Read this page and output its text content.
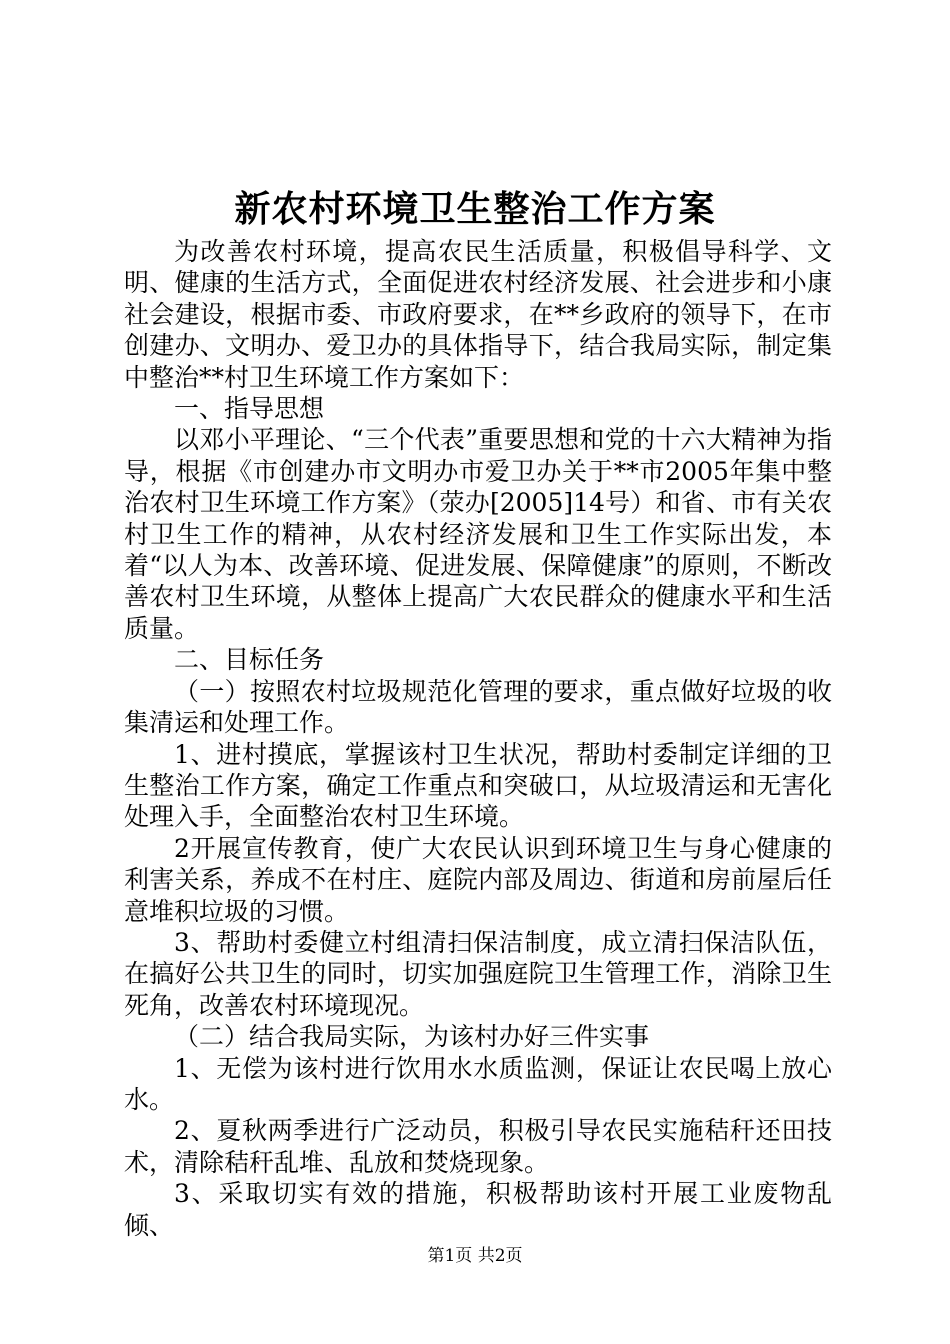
新农村环境卫生整治工作方案

为改善农村环境，提高农民生活质量，积极倡导科学、文明、健康的生活方式，全面促进农村经济发展、社会进步和小康社会建设，根据市委、市政府要求，在**乡政府的领导下，在市创建办、文明办、爱卫办的具体指导下，结合我局实际，制定集中整治**村卫生环境工作方案如下：

一、指导思想

以邓小平理论、“三个代表”重要思想和党的十六大精神为指导，根据《市创建办市文明办市爱卫办关于**市2005年集中整治农村卫生环境工作方案》（荥办[2005]14号）和省、市有关农村卫生工作的精神，从农村经济发展和卫生工作实际出发，本着“以人为本、改善环境、促进发展、保障健康”的原则，不断改善农村卫生环境，从整体上提高广大农民群众的健康水平和生活质量。

二、目标任务

（一）按照农村垃圾规范化管理的要求，重点做好垃圾的收集清运和处理工作。

1、进村摸底，掌握该村卫生状况，帮助村委制定详细的卫生整治工作方案，确定工作重点和突破口，从垃圾清运和无害化处理入手，全面整治农村卫生环境。

2开展宣传教育，使广大农民认识到环境卫生与身心健康的利害关系，养成不在村庄、庭院内部及周边、街道和房前屋后任意堆积垃圾的习惯。

3、帮助村委健立村组清扫保洁制度，成立清扫保洁队伍，在搞好公共卫生的同时，切实加强庭院卫生管理工作，消除卫生死角，改善农村环境现况。

（二）结合我局实际，为该村办好三件实事

1、无偿为该村进行饮用水水质监测，保证让农民喝上放心水。

2、夏秋两季进行广泛动员，积极引导农民实施秸秆还田技术，清除秸秆乱堆、乱放和焚烧现象。

3、采取切实有效的措施，积极帮助该村开展工业废物乱倾、

第1页 共2页
